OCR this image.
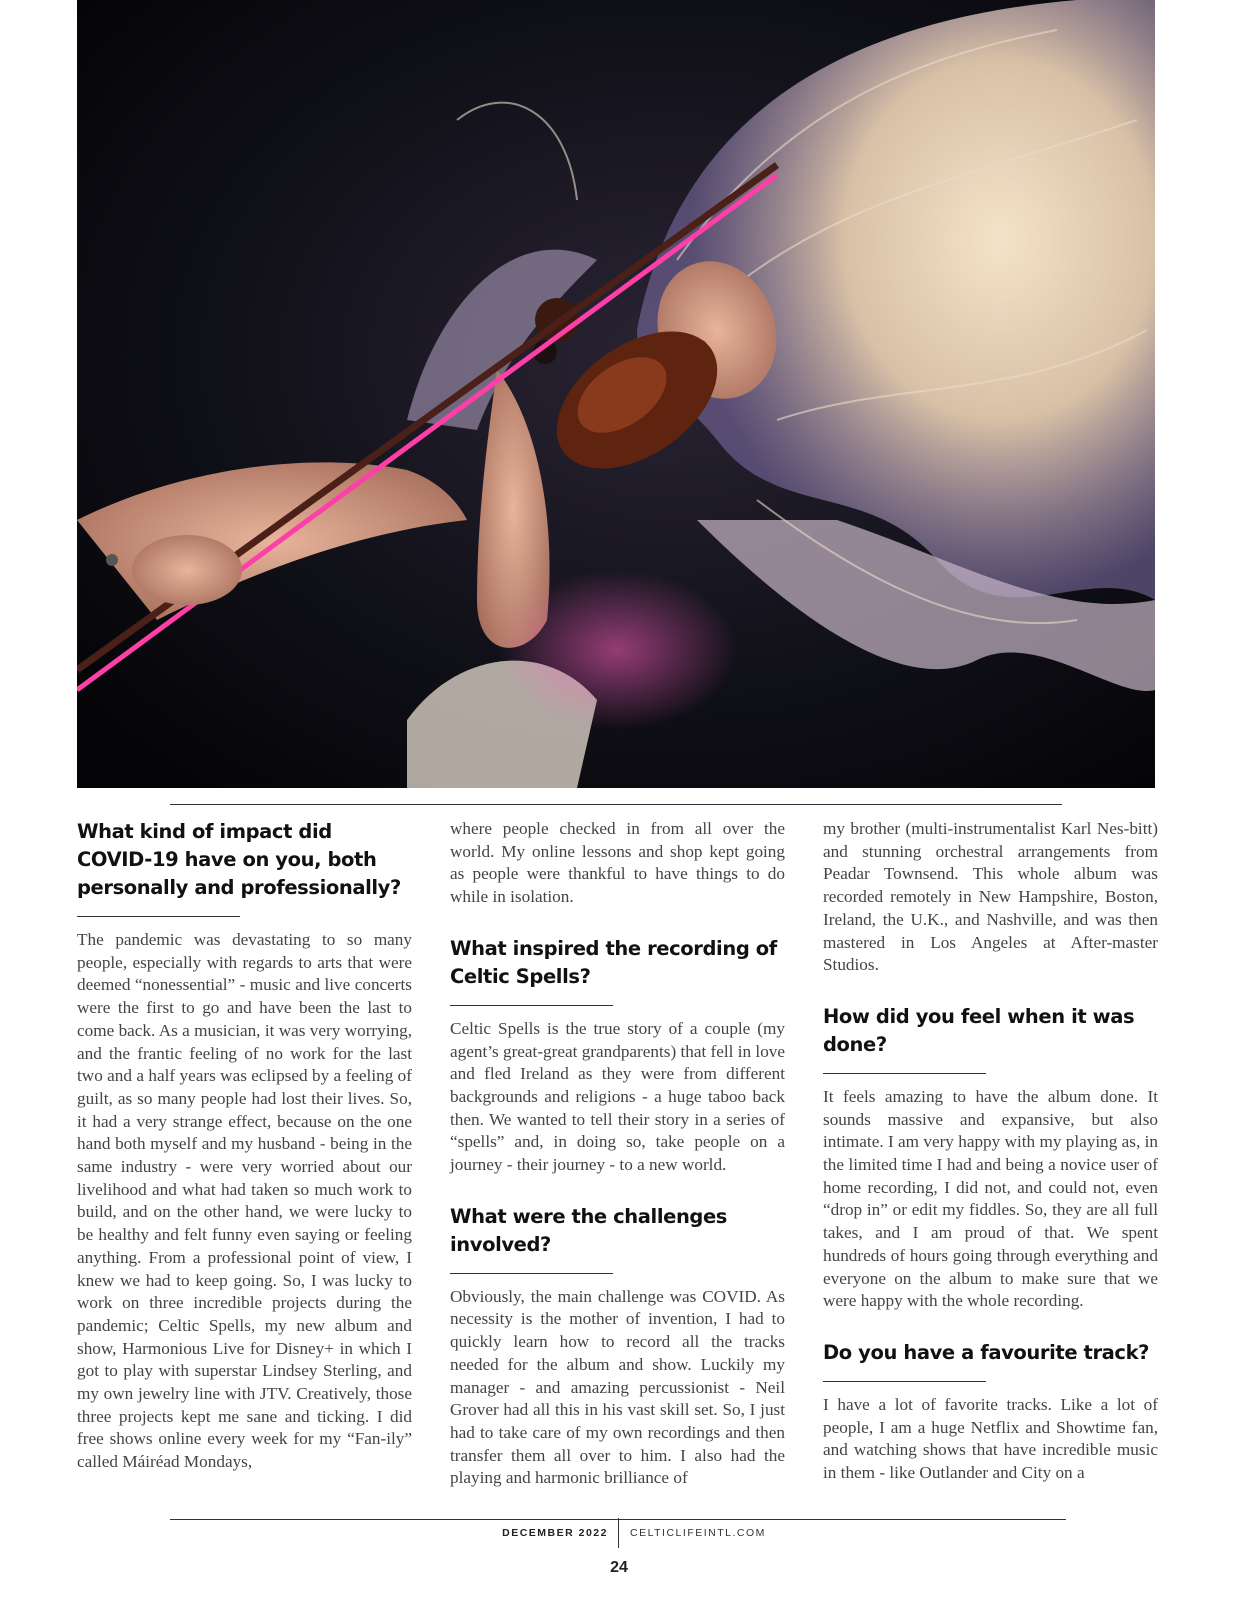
What kind of impact did COVID-19 have on you, both personally and professionally?

The pandemic was devastating to so many people, especially with regards to arts that were deemed “nonessential” - music and live concerts were the first to go and have been the last to come back. As a musician, it was very worrying, and the frantic feeling of no work for the last two and a half years was eclipsed by a feeling of guilt, as so many people had lost their lives. So, it had a very strange effect, because on the one hand both myself and my husband - being in the same industry - were very worried about our livelihood and what had taken so much work to build, and on the other hand, we were lucky to be healthy and felt funny even saying or feeling anything. From a professional point of view, I knew we had to keep going. So, I was lucky to work on three incredible projects during the pandemic; Celtic Spells, my new album and show, Harmonious Live for Disney+ in which I got to play with superstar Lindsey Sterling, and my own jewelry line with JTV. Creatively, those three projects kept me sane and ticking. I did free shows online every week for my “Fan-ily” called Máiréad Mondays,

where people checked in from all over the world. My online lessons and shop kept going as people were thankful to have things to do while in isolation.

What inspired the recording of Celtic Spells?

Celtic Spells is the true story of a couple (my agent’s great-great grandparents) that fell in love and fled Ireland as they were from different backgrounds and religions - a huge taboo back then. We wanted to tell their story in a series of “spells” and, in doing so, take people on a journey - their journey - to a new world.

What were the challenges involved?

Obviously, the main challenge was COVID. As necessity is the mother of invention, I had to quickly learn how to record all the tracks needed for the album and show. Luckily my manager - and amazing percussionist - Neil Grover had all this in his vast skill set. So, I just had to take care of my own recordings and then transfer them all over to him. I also had the playing and harmonic brilliance of

my brother (multi-instrumentalist Karl Nes-bitt) and stunning orchestral arrangements from Peadar Townsend. This whole album was recorded remotely in New Hampshire, Boston, Ireland, the U.K., and Nashville, and was then mastered in Los Angeles at After-master Studios.

How did you feel when it was done?

It feels amazing to have the album done. It sounds massive and expansive, but also intimate. I am very happy with my playing as, in the limited time I had and being a novice user of home recording, I did not, and could not, even “drop in” or edit my fiddles. So, they are all full takes, and I am proud of that. We spent hundreds of hours going through everything and everyone on the album to make sure that we were happy with the whole recording.

Do you have a favourite track?

I have a lot of favorite tracks. Like a lot of people, I am a huge Netflix and Showtime fan, and watching shows that have incredible music in them - like Outlander and City on a

DECEMBER 2022 CELTICLIFEINTL.COM
24
